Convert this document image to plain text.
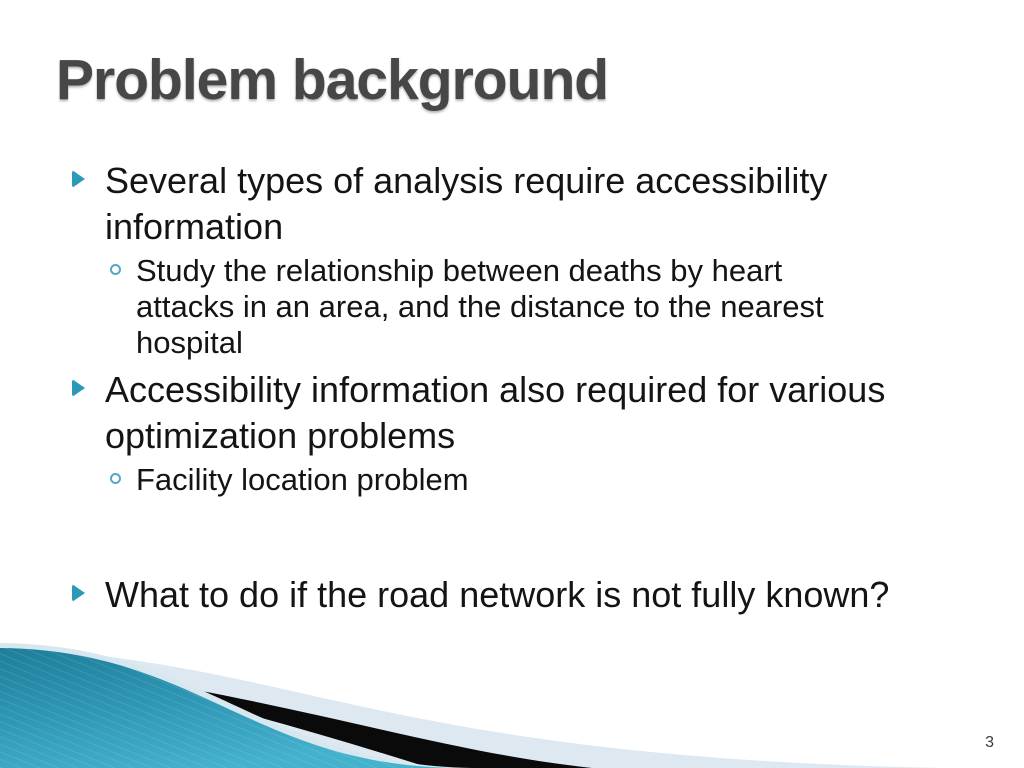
Problem background
Several types of analysis require accessibility information
Study the relationship between deaths by heart attacks in an area, and the distance to the nearest hospital
Accessibility information also required for various optimization problems
Facility location problem
What to do if the road network is not fully known?
3
